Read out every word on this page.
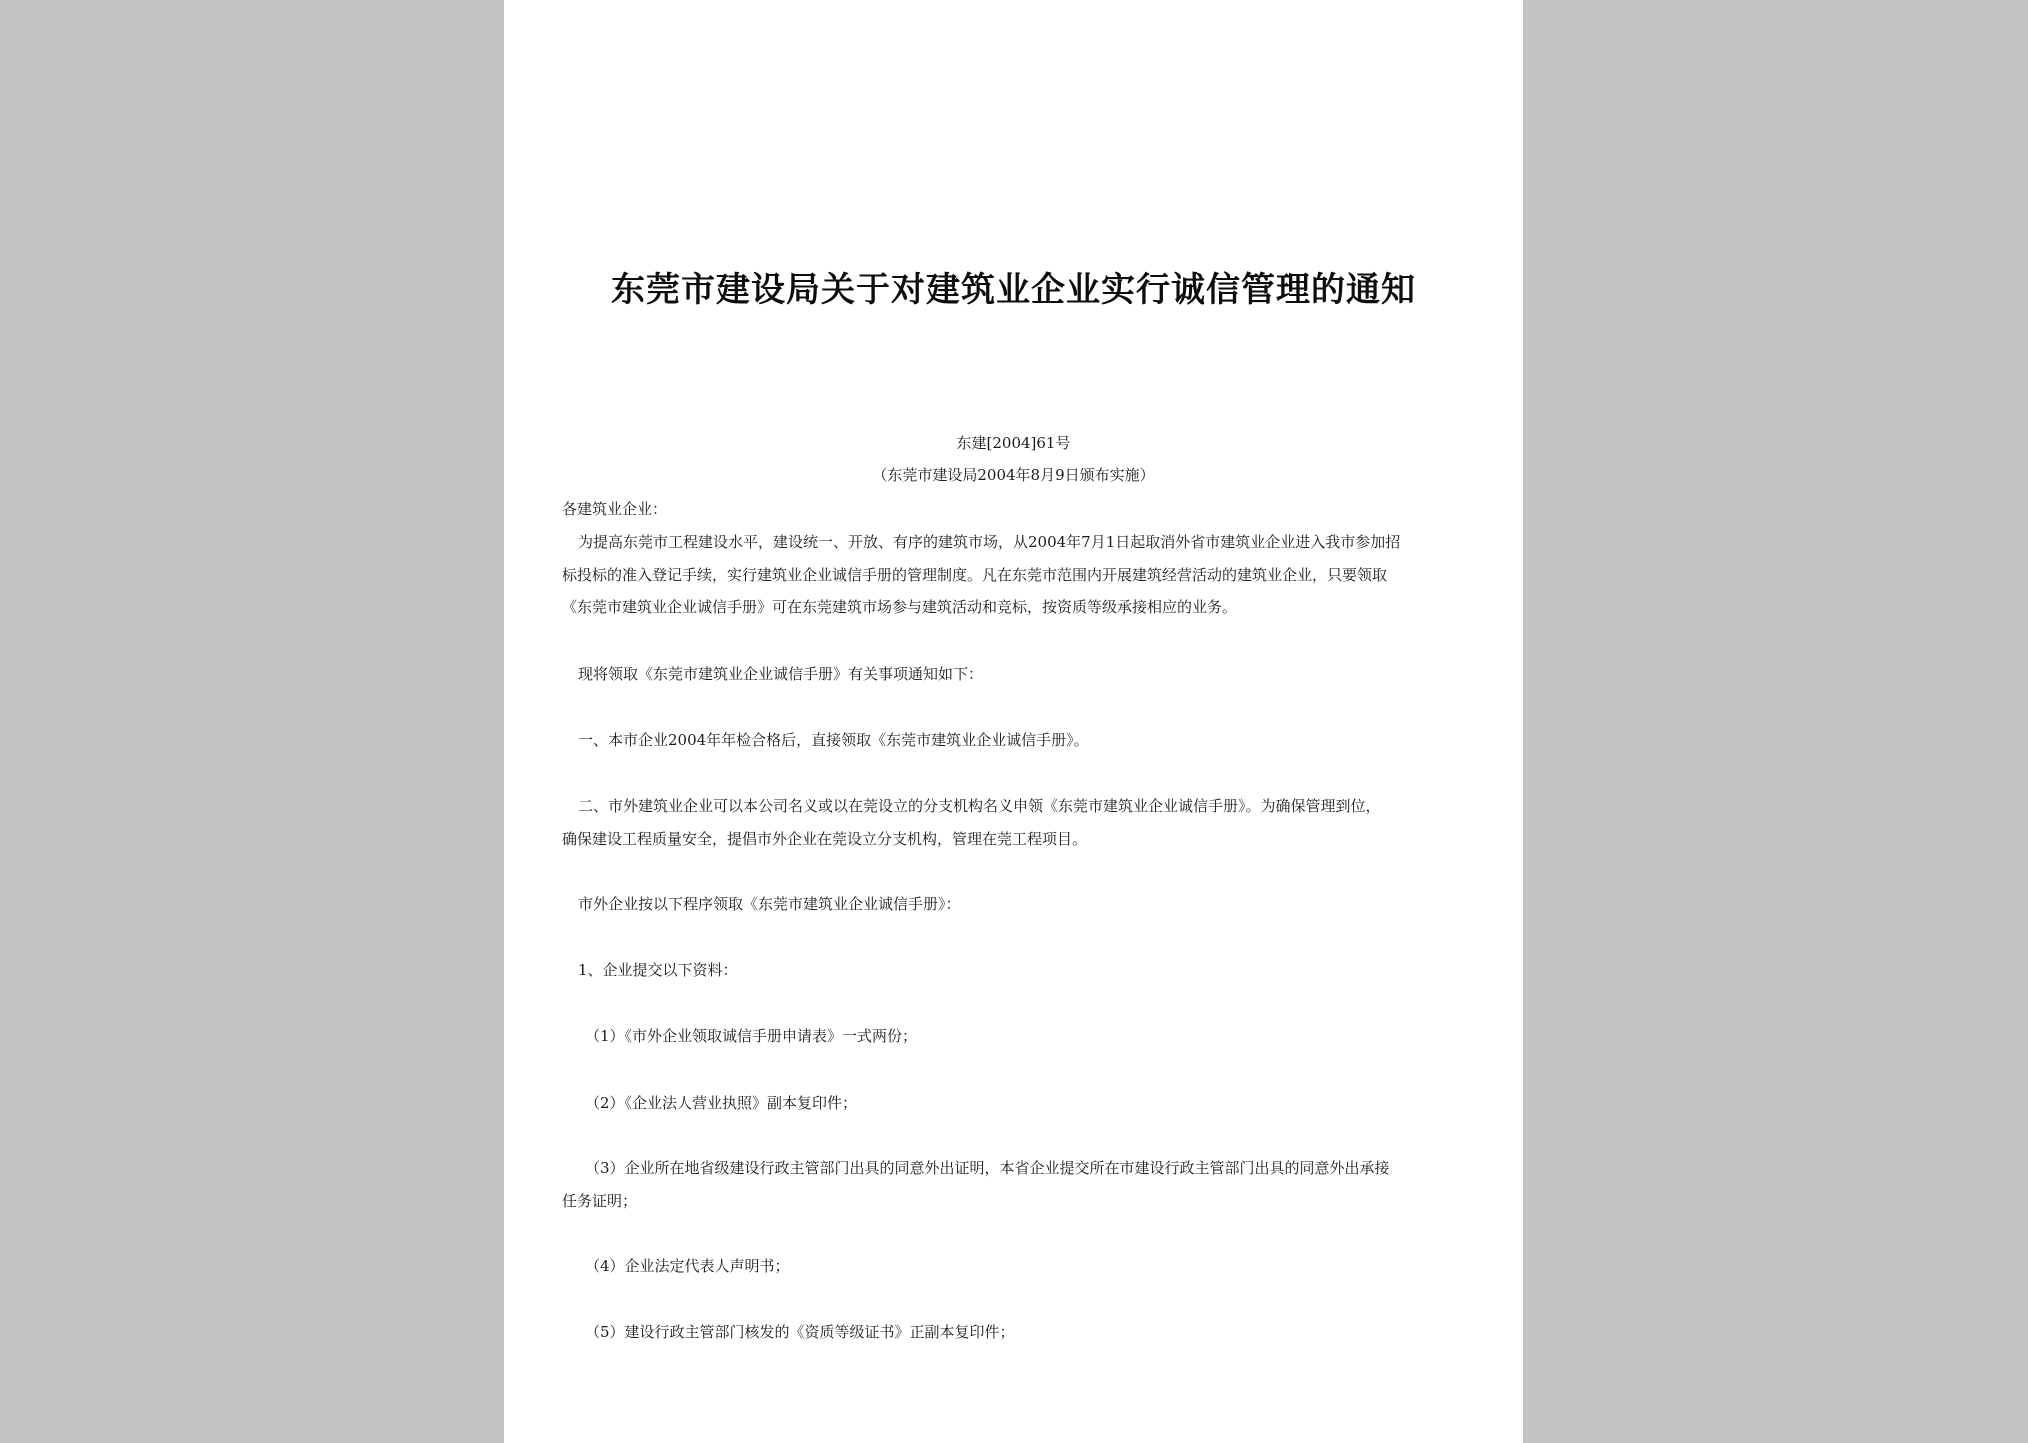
东莞市建设局关于对建筑业企业实行诚信管理的通知
东建[2004]61号
（东莞市建设局2004年8月9日颁布实施）
各建筑业企业：
为提高东莞市工程建设水平，建设统一、开放、有序的建筑市场，从2004年7月1日起取消外省市建筑业企业进入我市参加招
标投标的准入登记手续，实行建筑业企业诚信手册的管理制度。凡在东莞市范围内开展建筑经营活动的建筑业企业，只要领取
《东莞市建筑业企业诚信手册》可在东莞建筑市场参与建筑活动和竞标，按资质等级承接相应的业务。
现将领取《东莞市建筑业企业诚信手册》有关事项通知如下：
一、本市企业2004年年检合格后，直接领取《东莞市建筑业企业诚信手册》。
二、市外建筑业企业可以本公司名义或以在莞设立的分支机构名义申领《东莞市建筑业企业诚信手册》。为确保管理到位，
确保建设工程质量安全，提倡市外企业在莞设立分支机构，管理在莞工程项目。
市外企业按以下程序领取《东莞市建筑业企业诚信手册》：
1、企业提交以下资料：
（1）《市外企业领取诚信手册申请表》一式两份；
（2）《企业法人营业执照》副本复印件；
（3）企业所在地省级建设行政主管部门出具的同意外出证明，本省企业提交所在市建设行政主管部门出具的同意外出承接
任务证明；
（4）企业法定代表人声明书；
（5）建设行政主管部门核发的《资质等级证书》正副本复印件；
